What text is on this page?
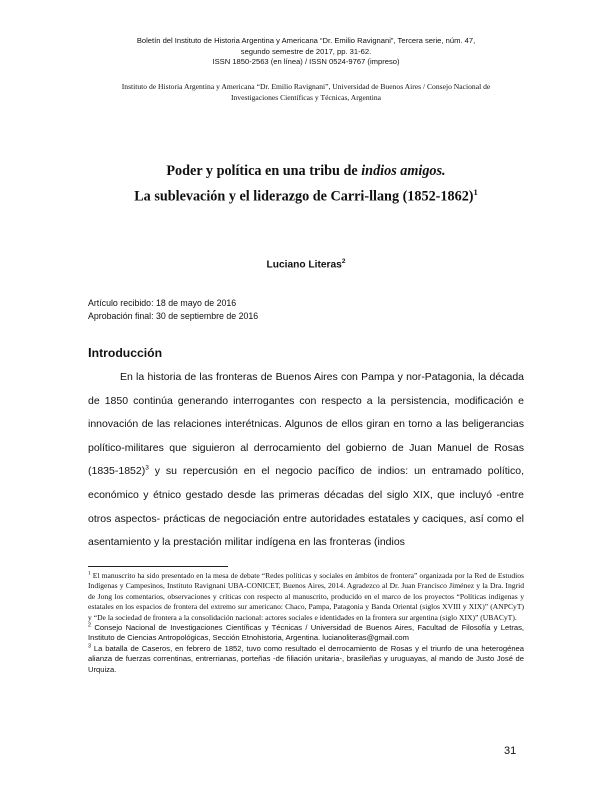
Boletín del Instituto de Historia Argentina y Americana “Dr. Emilio Ravignani”, Tercera serie, núm. 47,
segundo semestre de 2017, pp. 31-62.
ISSN 1850-2563 (en línea) / ISSN 0524-9767 (impreso)
Instituto de Historia Argentina y Americana “Dr. Emilio Ravignani”, Universidad de Buenos Aires / Consejo Nacional de
Investigaciones Científicas y Técnicas, Argentina
Poder y política en una tribu de indios amigos.
La sublevación y el liderazgo de Carri-llang (1852-1862)$^1$
Luciano Literas$^2$
Artículo recibido: 18 de mayo de 2016
Aprobación final: 30 de septiembre de 2016
Introducción

En la historia de las fronteras de Buenos Aires con Pampa y nor-Patagonia, la década de 1850 continúa generando interrogantes con respecto a la persistencia, modificación e innovación de las relaciones interétnicas. Algunos de ellos giran en torno a las beligerancias político-militares que siguieron al derrocamiento del gobierno de Juan Manuel de Rosas (1835-1852)$^3$ y su repercusión en el negocio pacífico de indios: un entramado político, económico y étnico gestado desde las primeras décadas del siglo XIX, que incluyó -entre otros aspectos- prácticas de negociación entre autoridades estatales y caciques, así como el asentamiento y la prestación militar indígena en las fronteras (indios

$^1$ El manuscrito ha sido presentado en la mesa de debate “Redes políticas y sociales en ámbitos de frontera” organizada por la Red de Estudios Indígenas y Campesinos, Instituto Ravignani UBA-CONICET, Buenos Aires, 2014. Agradezco al Dr. Juan Francisco Jiménez y la Dra. Ingrid de Jong los comentarios, observaciones y críticas con respecto al manuscrito, producido en el marco de los proyectos “Políticas indígenas y estatales en los espacios de frontera del extremo sur americano: Chaco, Pampa, Patagonia y Banda Oriental (siglos XVIII y XIX)” (ANPCyT) y “De la sociedad de frontera a la consolidación nacional: actores sociales e identidades en la frontera sur argentina (siglo XIX)” (UBACyT).

$^2$ Consejo Nacional de Investigaciones Científicas y Técnicas / Universidad de Buenos Aires, Facultad de Filosofía y Letras, Instituto de Ciencias Antropológicas, Sección Etnohistoria, Argentina. lucianoliteras@gmail.com

$^3$ La batalla de Caseros, en febrero de 1852, tuvo como resultado el derrocamiento de Rosas y el triunfo de una heterogénea alianza de fuerzas correntinas, entrerrianas, porteñas -de filiación unitaria-, brasileñas y uruguayas, al mando de Justo José de Urquiza.

31
